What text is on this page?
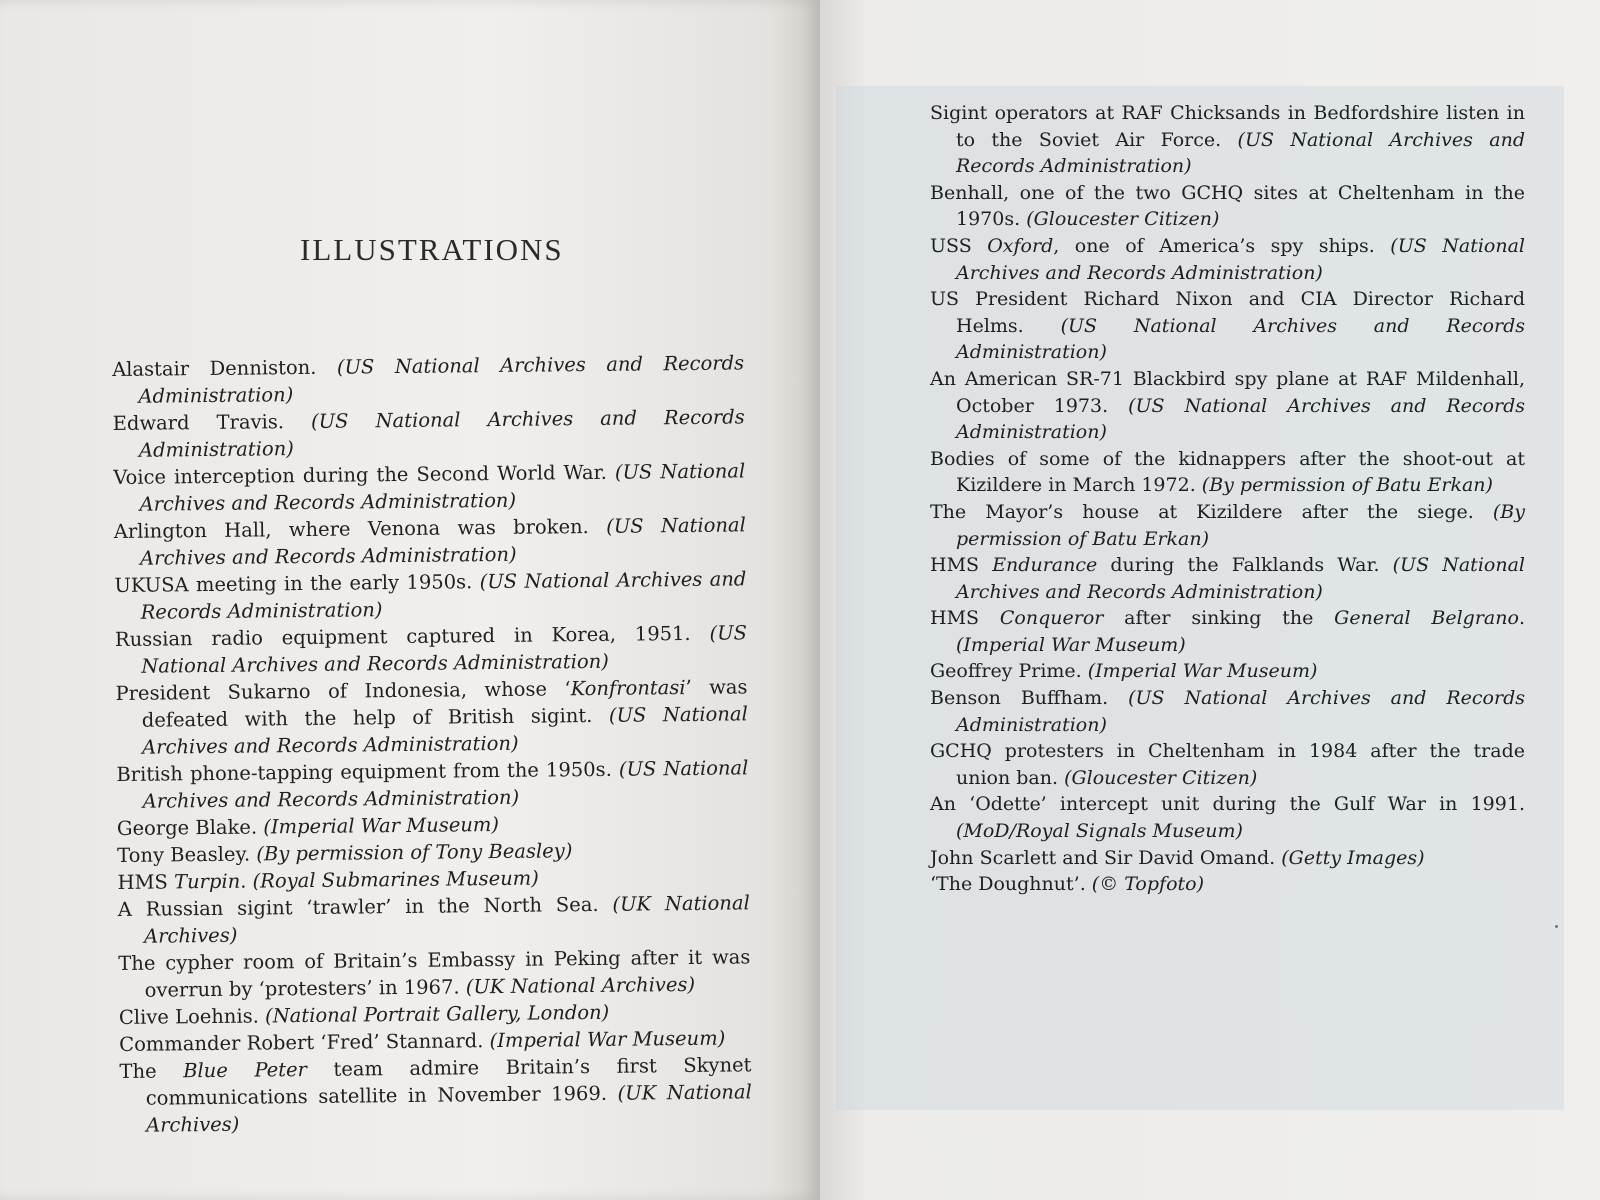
ILLUSTRATIONS
Alastair Denniston. (US National Archives and Records Administration)
Edward Travis. (US National Archives and Records Administration)
Voice interception during the Second World War. (US National Archives and Records Administration)
Arlington Hall, where Venona was broken. (US National Archives and Records Administration)
UKUSA meeting in the early 1950s. (US National Archives and Records Administration)
Russian radio equipment captured in Korea, 1951. (US National Archives and Records Administration)
President Sukarno of Indonesia, whose ‘Konfrontasi’ was defeated with the help of British sigint. (US National Archives and Records Administration)
British phone-tapping equipment from the 1950s. (US National Archives and Records Administration)
George Blake. (Imperial War Museum)
Tony Beasley. (By permission of Tony Beasley)
HMS Turpin. (Royal Submarines Museum)
A Russian sigint ‘trawler’ in the North Sea. (UK National Archives)
The cypher room of Britain’s Embassy in Peking after it was overrun by ‘protesters’ in 1967. (UK National Archives)
Clive Loehnis. (National Portrait Gallery, London)
Commander Robert ‘Fred’ Stannard. (Imperial War Museum)
The Blue Peter team admire Britain’s first Skynet communications satellite in November 1969. (UK National Archives)
Sigint operators at RAF Chicksands in Bedfordshire listen in to the Soviet Air Force. (US National Archives and Records Administration)
Benhall, one of the two GCHQ sites at Cheltenham in the 1970s. (Gloucester Citizen)
USS Oxford, one of America’s spy ships. (US National Archives and Records Administration)
US President Richard Nixon and CIA Director Richard Helms. (US National Archives and Records Administration)
An American SR-71 Blackbird spy plane at RAF Mildenhall, October 1973. (US National Archives and Records Administration)
Bodies of some of the kidnappers after the shoot-out at Kizildere in March 1972. (By permission of Batu Erkan)
The Mayor’s house at Kizildere after the siege. (By permission of Batu Erkan)
HMS Endurance during the Falklands War. (US National Archives and Records Administration)
HMS Conqueror after sinking the General Belgrano. (Imperial War Museum)
Geoffrey Prime. (Imperial War Museum)
Benson Buffham. (US National Archives and Records Administration)
GCHQ protesters in Cheltenham in 1984 after the trade union ban. (Gloucester Citizen)
An ‘Odette’ intercept unit during the Gulf War in 1991. (MoD/Royal Signals Museum)
John Scarlett and Sir David Omand. (Getty Images)
‘The Doughnut’. (© Topfoto)
